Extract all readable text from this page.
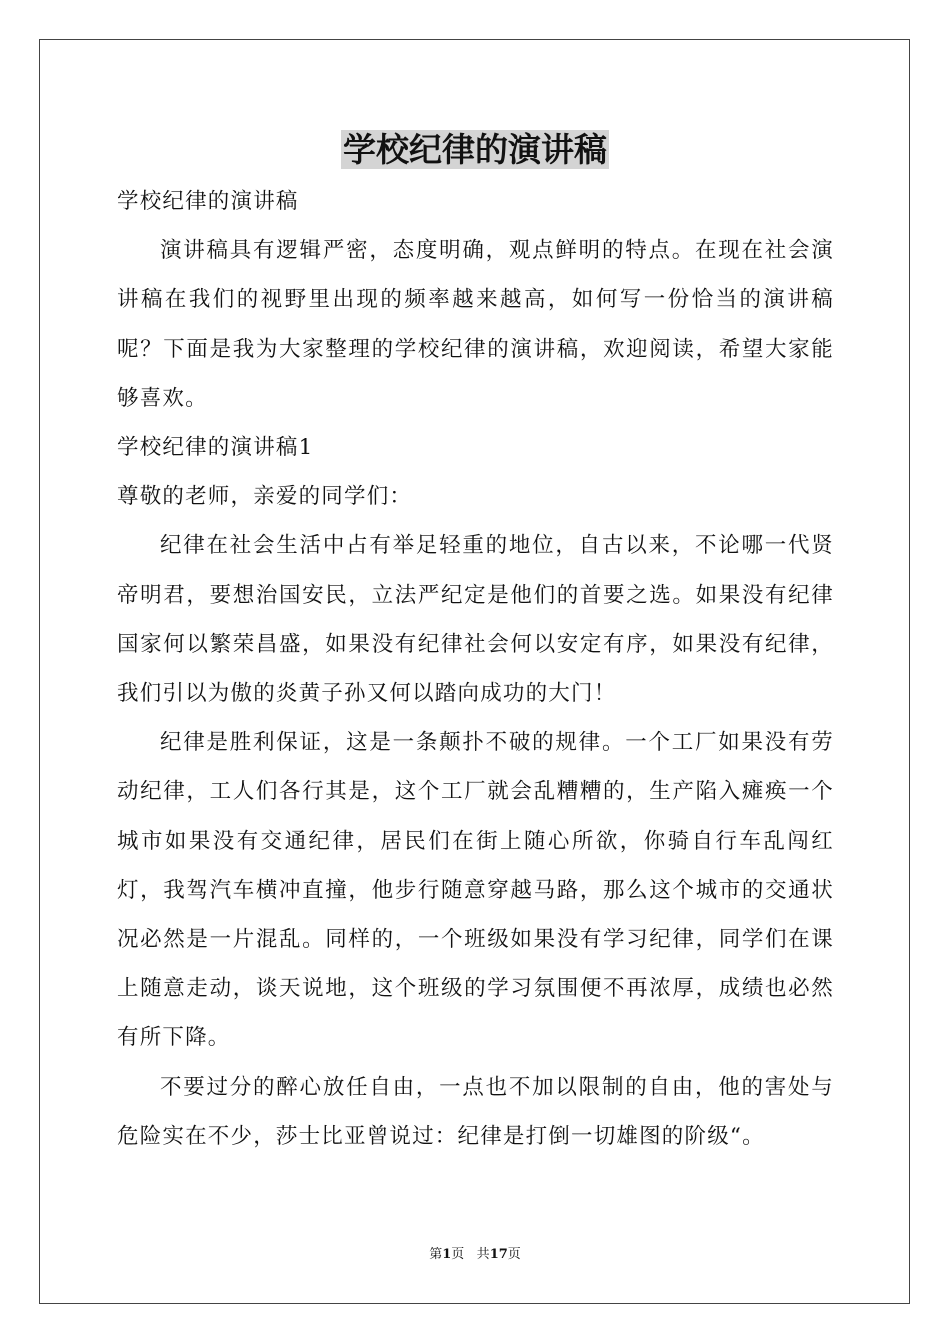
学校纪律的演讲稿

学校纪律的演讲稿

演讲稿具有逻辑严密，态度明确，观点鲜明的特点。在现在社会演讲稿在我们的视野里出现的频率越来越高，如何写一份恰当的演讲稿呢？下面是我为大家整理的学校纪律的演讲稿，欢迎阅读，希望大家能够喜欢。

学校纪律的演讲稿1

尊敬的老师，亲爱的同学们：

纪律在社会生活中占有举足轻重的地位，自古以来，不论哪一代贤帝明君，要想治国安民，立法严纪定是他们的首要之选。如果没有纪律国家何以繁荣昌盛，如果没有纪律社会何以安定有序，如果没有纪律，我们引以为傲的炎黄子孙又何以踏向成功的大门！

纪律是胜利保证，这是一条颠扑不破的规律。一个工厂如果没有劳动纪律，工人们各行其是，这个工厂就会乱糟糟的，生产陷入瘫痪一个城市如果没有交通纪律，居民们在街上随心所欲，你骑自行车乱闯红灯，我驾汽车横冲直撞，他步行随意穿越马路，那么这个城市的交通状况必然是一片混乱。同样的，一个班级如果没有学习纪律，同学们在课上随意走动，谈天说地，这个班级的学习氛围便不再浓厚，成绩也必然有所下降。

不要过分的醉心放任自由，一点也不加以限制的自由，他的害处与危险实在不少，莎士比亚曾说过：纪律是打倒一切雄图的阶级“。

第1页 共17页
